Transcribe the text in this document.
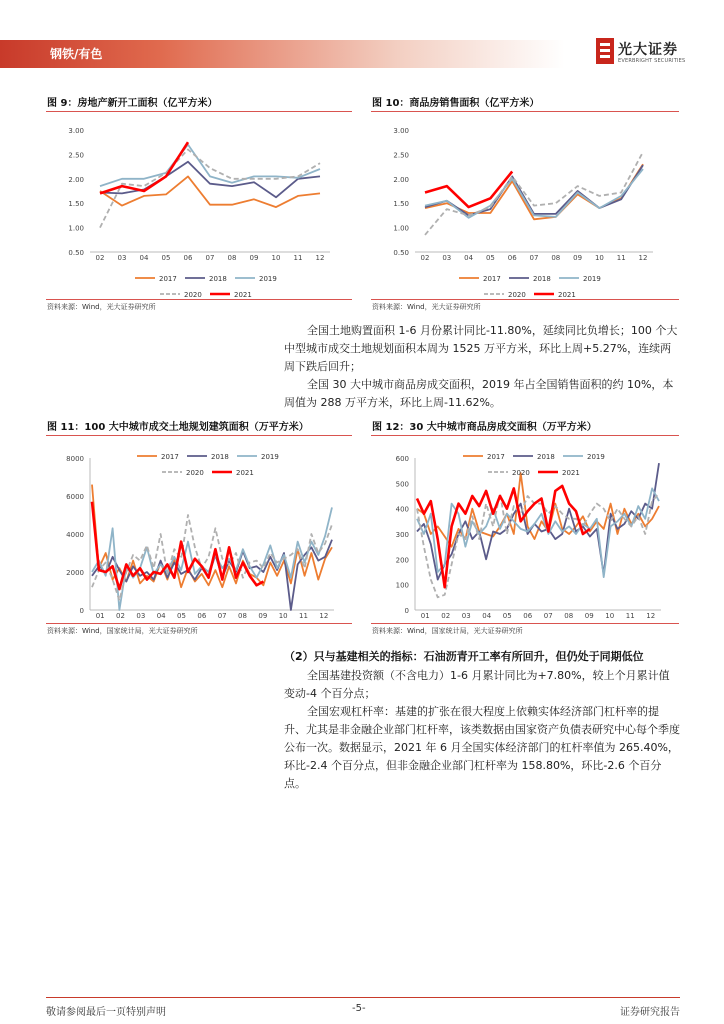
钢铁/有色	光大证券
EVERBRIGHT SECURITIES
图 9：房地产新开工面积（亿平方米）	图 10：商品房销售面积（亿平方米）
0.50
1.00
1.50
2.00
2.50
3.00
02 03 04 05 06 07 08 09 10 11 12
2017	2018	2019
2020	2021
0.50
1.00
1.50
2.00
2.50
3.00
02 03 04 05 06 07 08 09 10 11 12
2017	2018	2019
2020	2021
资料来源：Wind，光大证券研究所	资料来源：Wind，光大证券研究所
全国土地购置面积 1-6 月份累计同比-11.80%，延续同比负增长；100 个大中型城市成交土地规划面积本周为 1525 万平方米，环比上周+5.27%，连续两周下跌后回升；
全国 30 大中城市商品房成交面积，2019 年占全国销售面积的约 10%，本周值为 288 万平方米，环比上周-11.62%。
图 11：100 大中城市成交土地规划建筑面积（万平方米）	图 12：30 大中城市商品房成交面积（万平方米）
0
2000
4000
6000
8000
01 02 03 04 05 06 07 08 09 10 11 12
2017	2018	2019
2020	2021
0
100
200
300
400
500
600
01 02 03 04 05 06 07 08 09 10 11 12
2017	2018	2019
2020	2021
资料来源：Wind，国家统计局，光大证券研究所	资料来源：Wind，国家统计局，光大证券研究所
（2）只与基建相关的指标：石油沥青开工率有所回升，但仍处于同期低位
全国基建投资额（不含电力）1-6 月累计同比为+7.80%，较上个月累计值变动-4 个百分点；
全国宏观杠杆率：基建的扩张在很大程度上依赖实体经济部门杠杆率的提升、尤其是非金融企业部门杠杆率，该类数据由国家资产负债表研究中心每个季度公布一次。数据显示，2021 年 6 月全国实体经济部门的杠杆率值为 265.40%，环比-2.4 个百分点，但非金融企业部门杠杆率为 158.80%，环比-2.6 个百分点。
敬请参阅最后一页特别声明	-5-	证券研究报告
